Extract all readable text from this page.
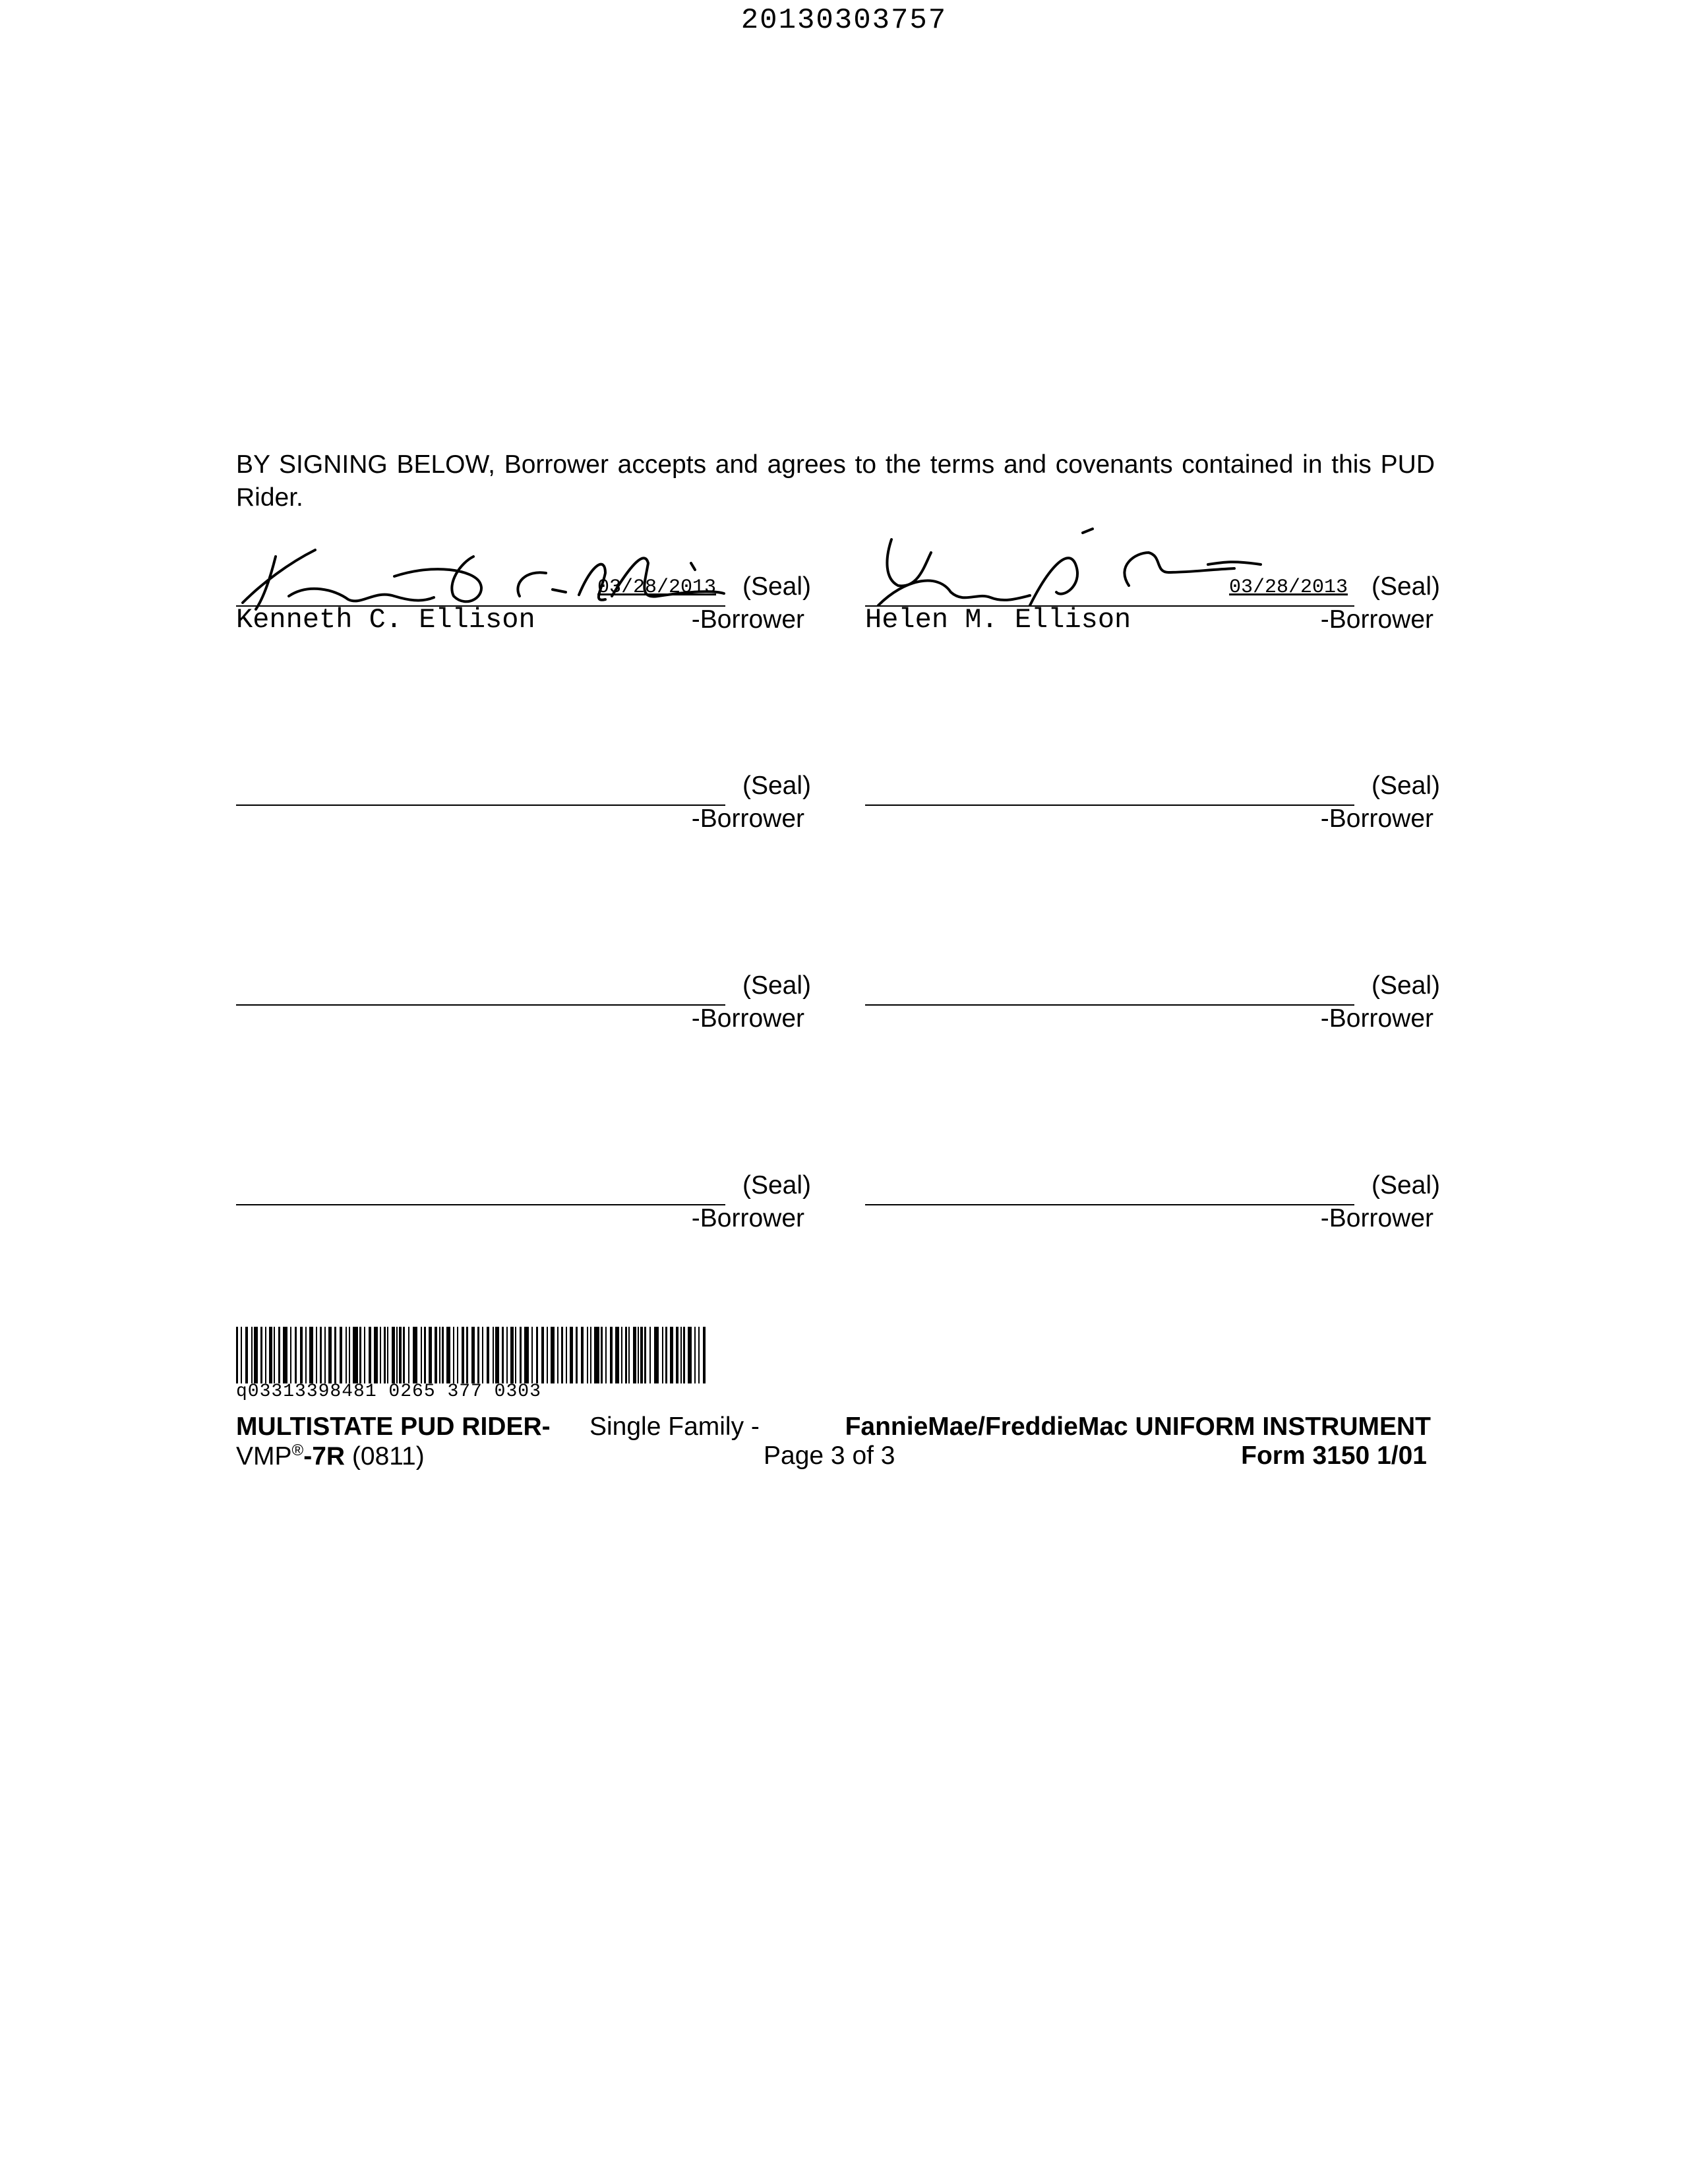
20130303757
BY SIGNING BELOW, Borrower accepts and agrees to the terms and covenants contained in this PUD Rider.
03/28/2013 (Seal)
Kenneth C. Ellison	-Borrower
03/28/2013 (Seal)
Helen M. Ellison	-Borrower
(Seal)
-Borrower
(Seal)
-Borrower
(Seal)
-Borrower
(Seal)
-Borrower
(Seal)
-Borrower
(Seal)
-Borrower
q03313398481 0265 377 0303
MULTISTATE PUD RIDER- Single Family -	FannieMae/FreddieMac UNIFORM INSTRUMENT
VMP®-7R (0811)	Page 3 of 3	Form 3150 1/01
